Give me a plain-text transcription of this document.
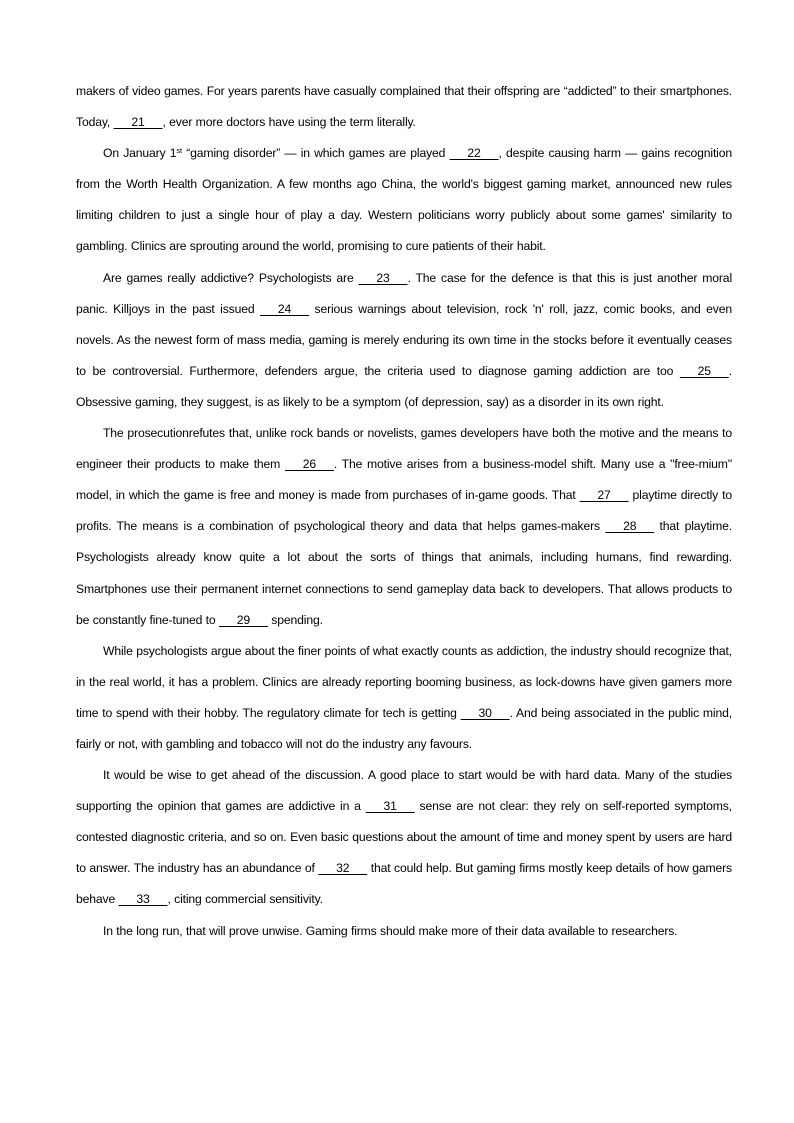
makers of video games. For years parents have casually complained that their offspring are “addicted” to their smartphones. Today,    21   , ever more doctors have using the term literally.

On January 1st “gaming disorder” — in which games are played    22   , despite causing harm — gains recognition from the Worth Health Organization. A few months ago China, the world's biggest gaming market, announced new rules limiting children to just a single hour of play a day. Western politicians worry publicly about some games' similarity to gambling. Clinics are sprouting around the world, promising to cure patients of their habit.

Are games really addictive? Psychologists are    23   . The case for the defence is that this is just another moral panic. Killjoys in the past issued    24    serious warnings about television, rock 'n' roll, jazz, comic books, and even novels. As the newest form of mass media, gaming is merely enduring its own time in the stocks before it eventually ceases to be controversial. Furthermore, defenders argue, the criteria used to diagnose gaming addiction are too    25   . Obsessive gaming, they suggest, is as likely to be a symptom (of depression, say) as a disorder in its own right.

The prosecutionrefutes that, unlike rock bands or novelists, games developers have both the motive and the means to engineer their products to make them    26   . The motive arises from a business-model shift. Many use a "free-mium" model, in which the game is free and money is made from purchases of in-game goods. That    27    playtime directly to profits. The means is a combination of psychological theory and data that helps games-makers    28    that playtime. Psychologists already know quite a lot about the sorts of things that animals, including humans, find rewarding. Smartphones use their permanent internet connections to send gameplay data back to developers. That allows products to be constantly fine-tuned to    29    spending.

While psychologists argue about the finer points of what exactly counts as addiction, the industry should recognize that, in the real world, it has a problem. Clinics are already reporting booming business, as lock-downs have given gamers more time to spend with their hobby. The regulatory climate for tech is getting    30   . And being associated in the public mind, fairly or not, with gambling and tobacco will not do the industry any favours.

It would be wise to get ahead of the discussion. A good place to start would be with hard data. Many of the studies supporting the opinion that games are addictive in a    31    sense are not clear: they rely on self-reported symptoms, contested diagnostic criteria, and so on. Even basic questions about the amount of time and money spent by users are hard to answer. The industry has an abundance of    32    that could help. But gaming firms mostly keep details of how gamers behave    33   , citing commercial sensitivity.

In the long run, that will prove unwise. Gaming firms should make more of their data available to researchers.
